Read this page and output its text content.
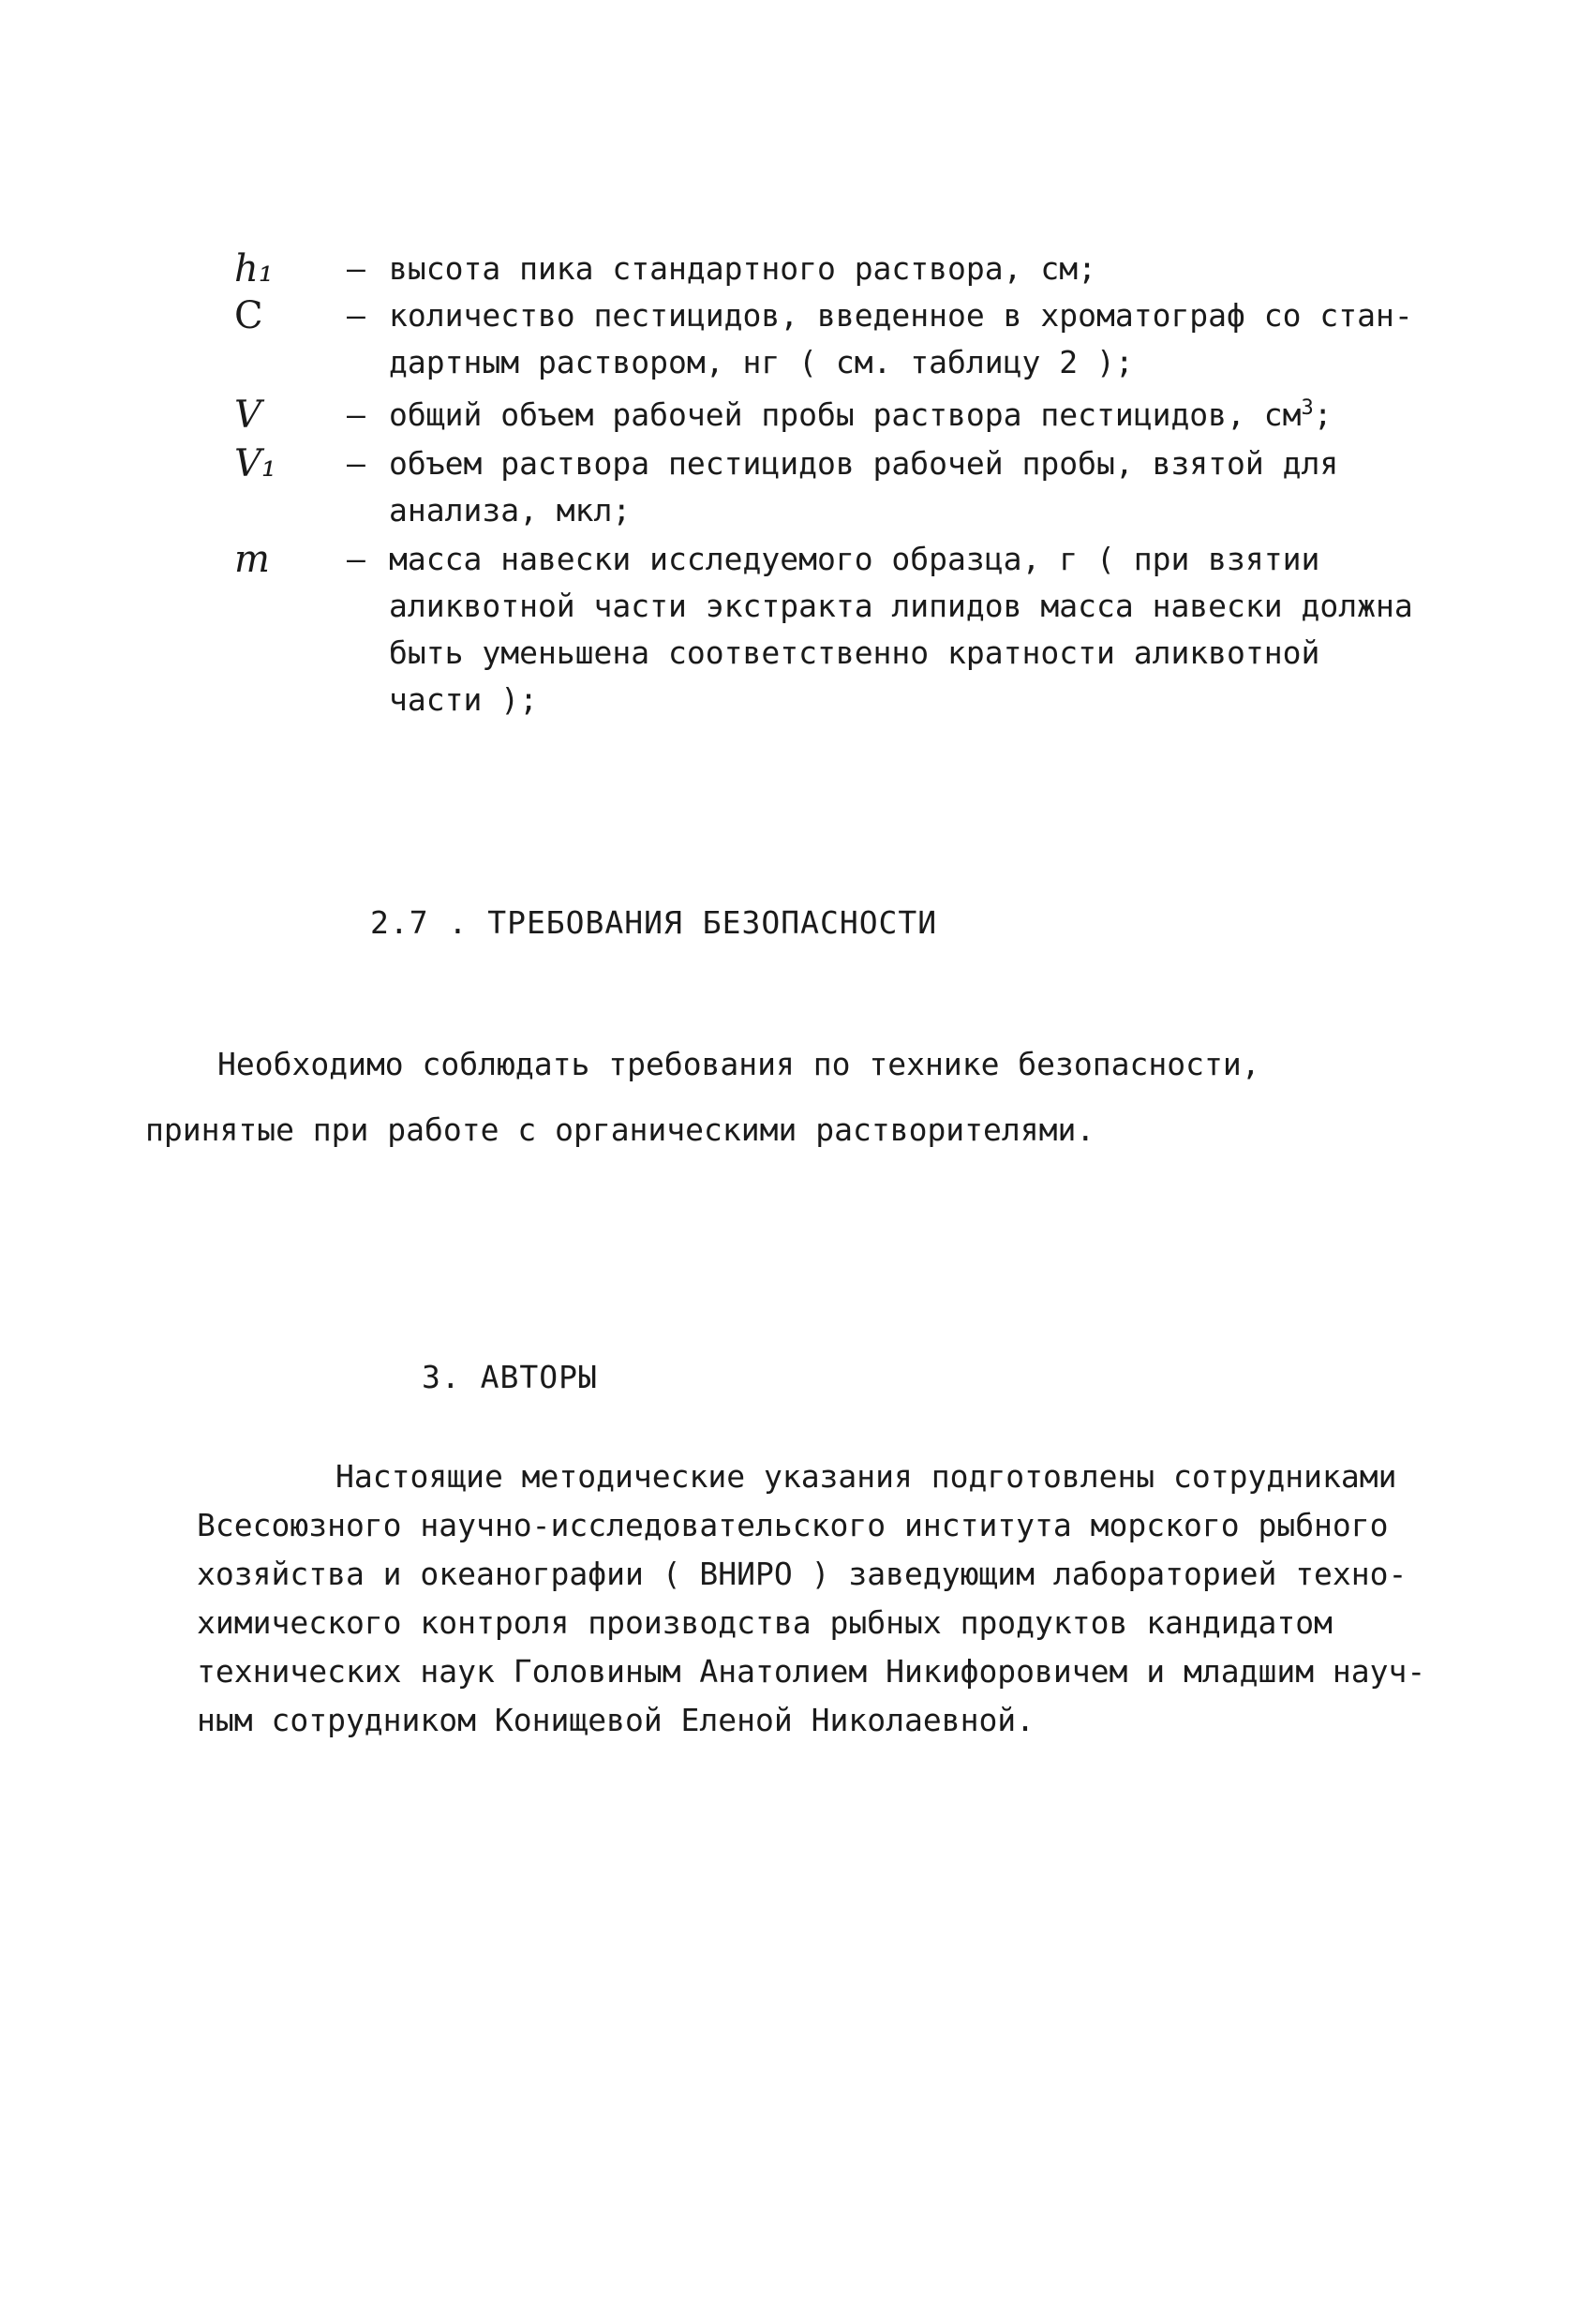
h₁	– высота пика стандартного раствора, см;
C	– количество пестицидов, введенное в хроматограф со стан-
дартным раствором, нг ( см. таблицу 2 );
V	– общий объем рабочей пробы раствора пестицидов, $см^3$;
V₁	– объем раствора пестицидов рабочей пробы, взятой для
анализа, мкл;
m	– масса навески исследуемого образца, г ( при взятии
аликвотной части экстракта липидов масса навески должна
быть уменьшена соответственно кратности аликвотной
части );
2.7 . ТРЕБОВАНИЯ БЕЗОПАСНОСТИ
Необходимо соблюдать требования по технике безопасности,
принятые при работе с органическими растворителями.
3. АВТОРЫ
Настоящие методические указания подготовлены сотрудниками
Всесоюзного научно-исследовательского института морского рыбного
хозяйства и океанографии ( ВНИРО ) заведующим лабораторией техно-
химического контроля производства рыбных продуктов кандидатом
технических наук Головиным Анатолием Никифоровичем и младшим науч-
ным сотрудником Конищевой Еленой Николаевной.
